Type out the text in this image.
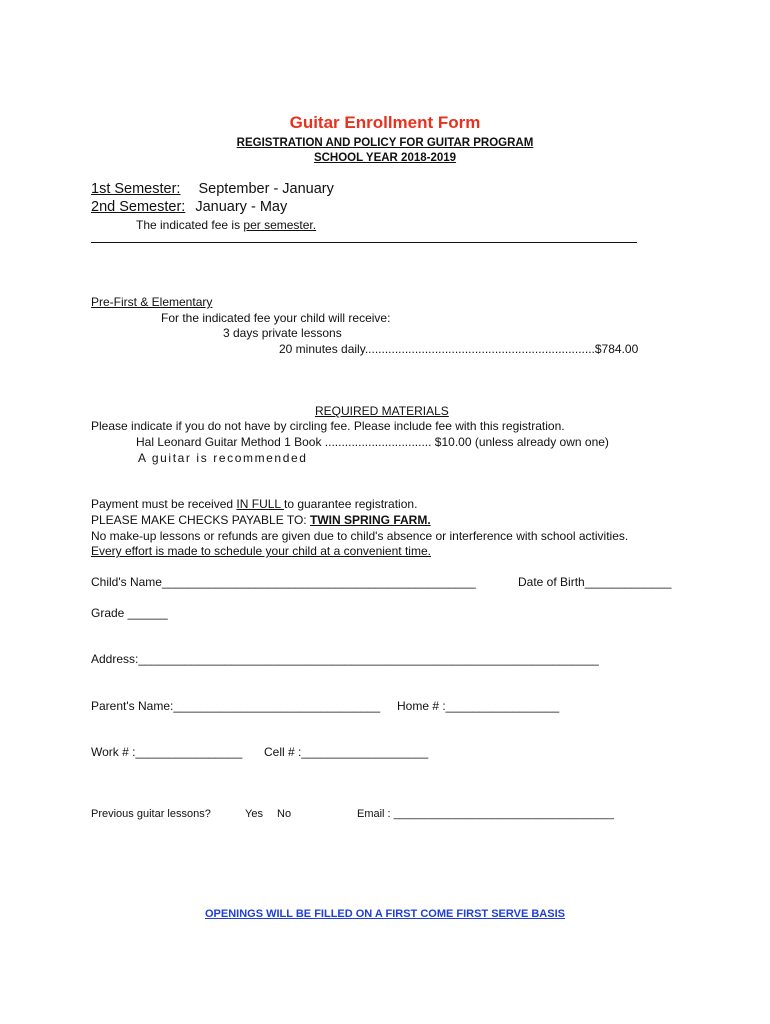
Guitar Enrollment Form
REGISTRATION AND POLICY FOR GUITAR PROGRAM
SCHOOL YEAR 2018-2019
1st Semester: September - January
2nd Semester: January - May
The indicated fee is per semester.
Pre-First & Elementary
For the indicated fee your child will receive:
3 days private lessons
20 minutes daily.....................................................................$784.00
REQUIRED MATERIALS
Please indicate if you do not have by circling fee. Please include fee with this registration.
Hal Leonard Guitar Method 1 Book ................................ $10.00 (unless already own one)
A guitar is recommended
Payment must be received IN FULL to guarantee registration.
PLEASE MAKE CHECKS PAYABLE TO: TWIN SPRING FARM.
No make-up lessons or refunds are given due to child's absence or interference with school activities.
Every effort is made to schedule your child at a convenient time.
Child's Name_______________________________________________	Date of Birth_____________
Grade ______
Address:_____________________________________________________________________
Parent's Name:_______________________________ Home # :_________________
Work # :________________ Cell # :___________________
Previous guitar lessons?	Yes No	Email : ____________________________________
OPENINGS WILL BE FILLED ON A FIRST COME FIRST SERVE BASIS
